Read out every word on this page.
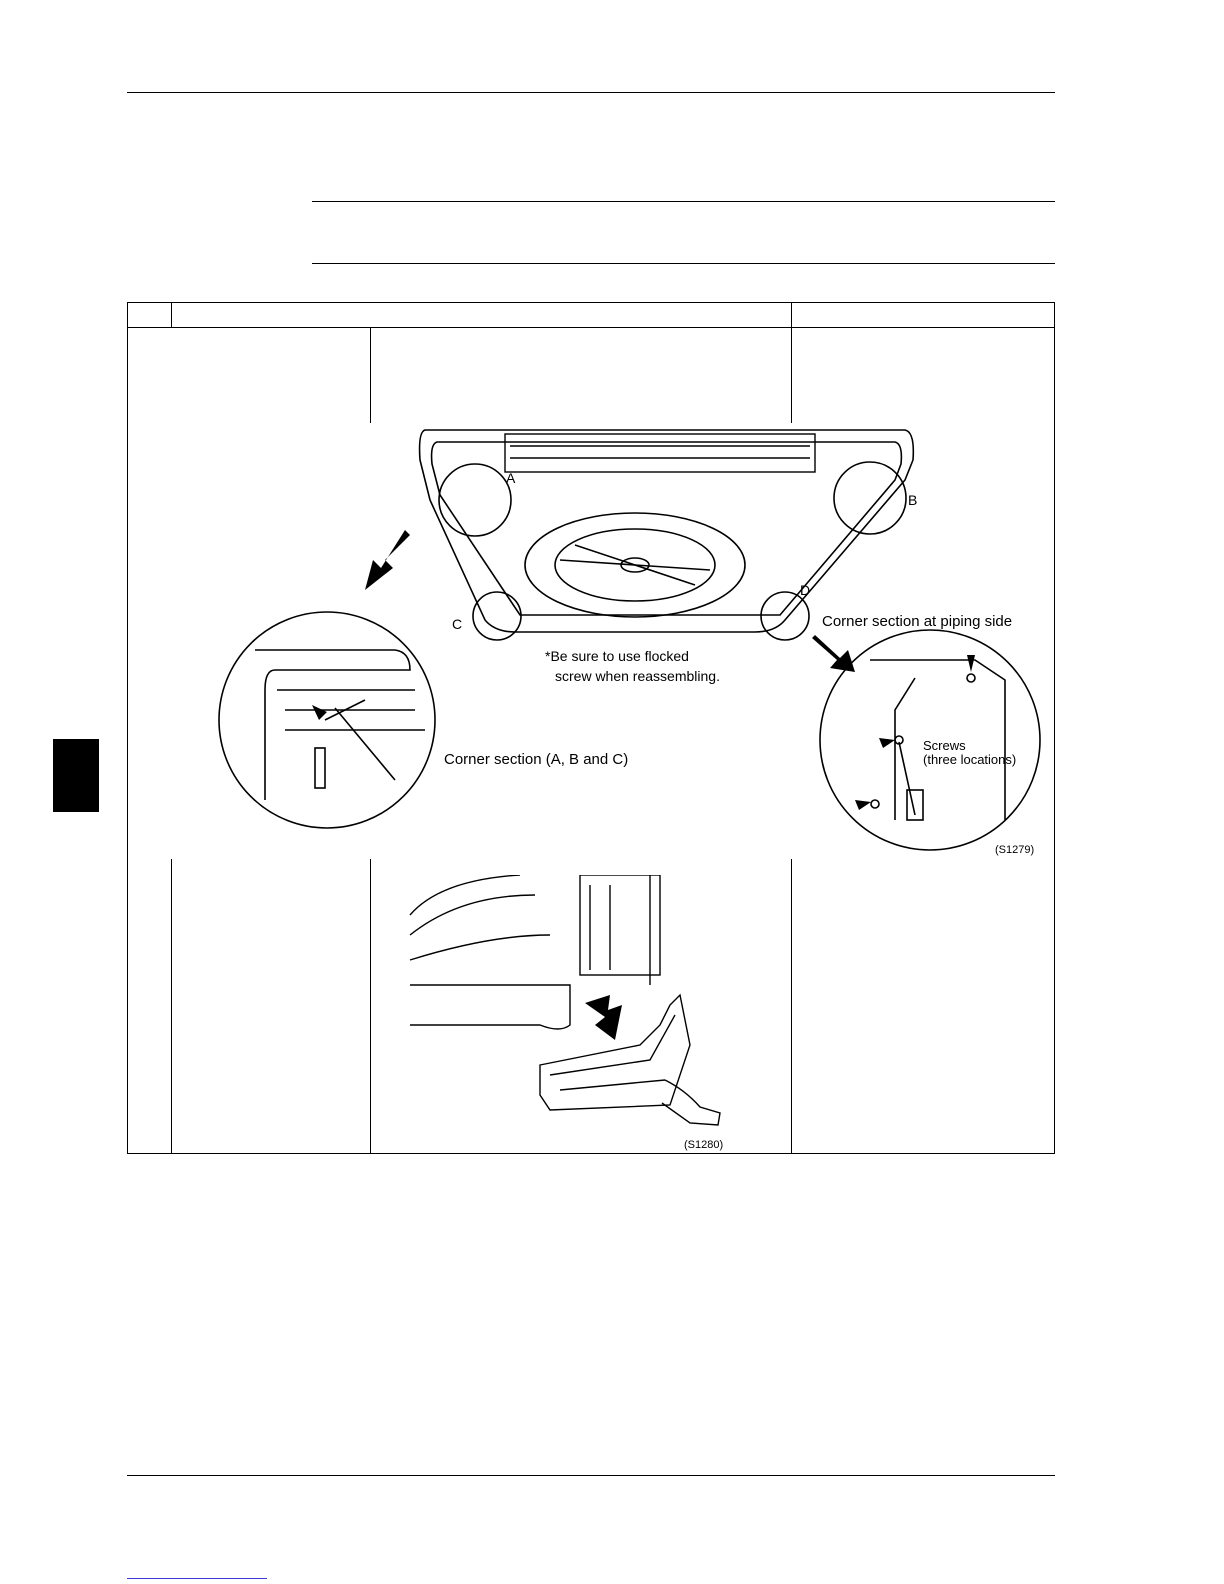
A
B
C
D
*Be sure to use flocked
screw when reassembling.
Corner section at piping side
Corner section (A, B and C)
Screws
(three locations)
(S1279)
(S1280)
